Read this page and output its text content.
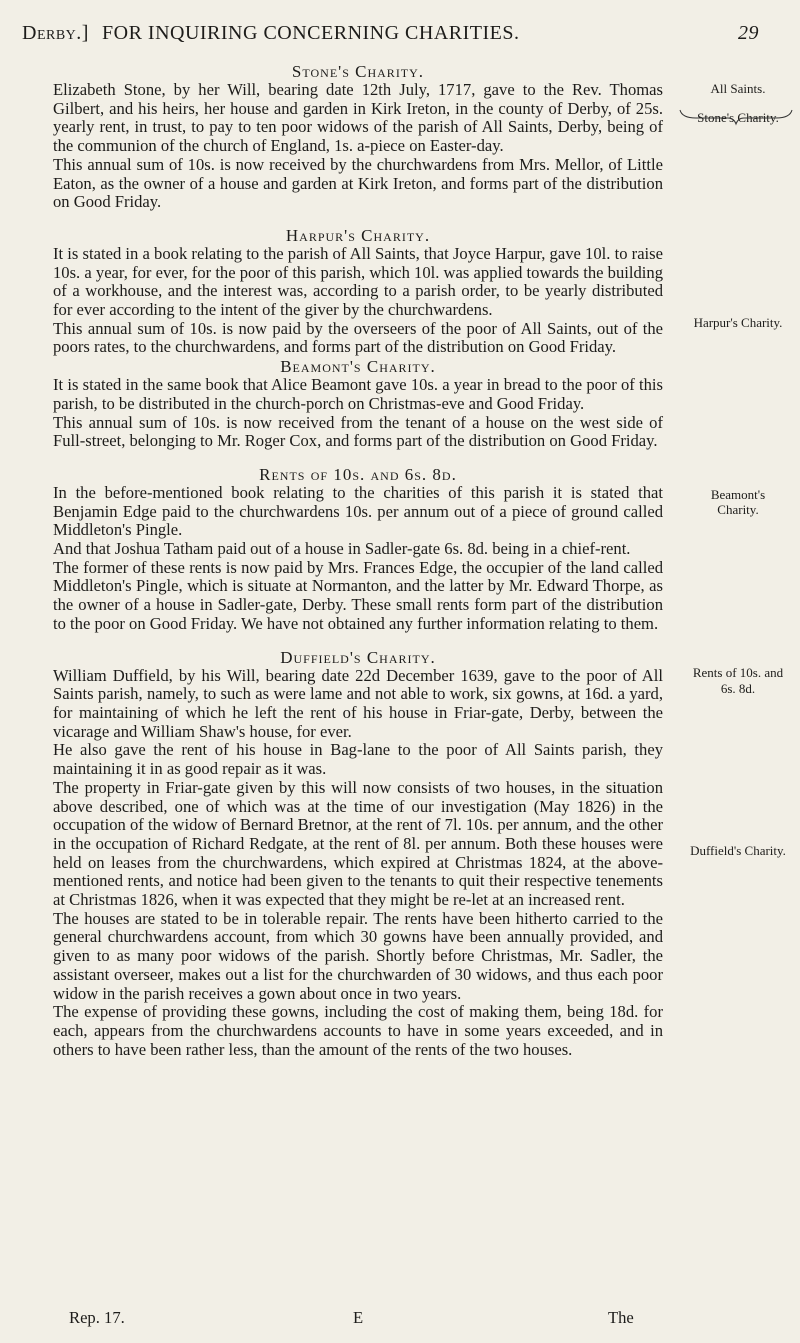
Derby.] FOR INQUIRING CONCERNING CHARITIES.	29
Stone's Charity.

Elizabeth Stone, by her Will, bearing date 12th July, 1717, gave to the Rev. Thomas Gilbert, and his heirs, her house and garden in Kirk Ireton, in the county of Derby, of 25s. yearly rent, in trust, to pay to ten poor widows of the parish of All Saints, Derby, being of the communion of the church of England, 1s. a-piece on Easter-day.

This annual sum of 10s. is now received by the churchwardens from Mrs. Mellor, of Little Eaton, as the owner of a house and garden at Kirk Ireton, and forms part of the distribution on Good Friday.

Harpur's Charity.

It is stated in a book relating to the parish of All Saints, that Joyce Harpur, gave 10l. to raise 10s. a year, for ever, for the poor of this parish, which 10l. was applied towards the building of a workhouse, and the interest was, according to a parish order, to be yearly distributed for ever according to the intent of the giver by the churchwardens.

This annual sum of 10s. is now paid by the overseers of the poor of All Saints, out of the poors rates, to the churchwardens, and forms part of the distribution on Good Friday.

Beamont's Charity.

It is stated in the same book that Alice Beamont gave 10s. a year in bread to the poor of this parish, to be distributed in the church-porch on Christmas-eve and Good Friday.

This annual sum of 10s. is now received from the tenant of a house on the west side of Full-street, belonging to Mr. Roger Cox, and forms part of the distribution on Good Friday.

Rents of 10s. and 6s. 8d.

In the before-mentioned book relating to the charities of this parish it is stated that Benjamin Edge paid to the churchwardens 10s. per annum out of a piece of ground called Middleton's Pingle.

And that Joshua Tatham paid out of a house in Sadler-gate 6s. 8d. being in a chief-rent.

The former of these rents is now paid by Mrs. Frances Edge, the occupier of the land called Middleton's Pingle, which is situate at Normanton, and the latter by Mr. Edward Thorpe, as the owner of a house in Sadler-gate, Derby. These small rents form part of the distribution to the poor on Good Friday. We have not obtained any further information relating to them.

Duffield's Charity.

William Duffield, by his Will, bearing date 22d December 1639, gave to the poor of All Saints parish, namely, to such as were lame and not able to work, six gowns, at 16d. a yard, for maintaining of which he left the rent of his house in Friar-gate, Derby, between the vicarage and William Shaw's house, for ever.

He also gave the rent of his house in Bag-lane to the poor of All Saints parish, they maintaining it in as good repair as it was.

The property in Friar-gate given by this will now consists of two houses, in the situation above described, one of which was at the time of our investigation (May 1826) in the occupation of the widow of Bernard Bretnor, at the rent of 7l. 10s. per annum, and the other in the occupation of Richard Redgate, at the rent of 8l. per annum. Both these houses were held on leases from the churchwardens, which expired at Christmas 1824, at the above-mentioned rents, and notice had been given to the tenants to quit their respective tenements at Christmas 1826, when it was expected that they might be re-let at an increased rent.

The houses are stated to be in tolerable repair. The rents have been hitherto carried to the general churchwardens account, from which 30 gowns have been annually provided, and given to as many poor widows of the parish. Shortly before Christmas, Mr. Sadler, the assistant overseer, makes out a list for the churchwarden of 30 widows, and thus each poor widow in the parish receives a gown about once in two years.

The expense of providing these gowns, including the cost of making them, being 18d. for each, appears from the churchwardens accounts to have in some years exceeded, and in others to have been rather less, than the amount of the rents of the two houses.

All Saints.
Stone's Charity.
Harpur's Charity.
Beamont's
Charity.
Rents of 10s. and
6s. 8d.
Duffield's Charity.
Rep. 17.	E	The
